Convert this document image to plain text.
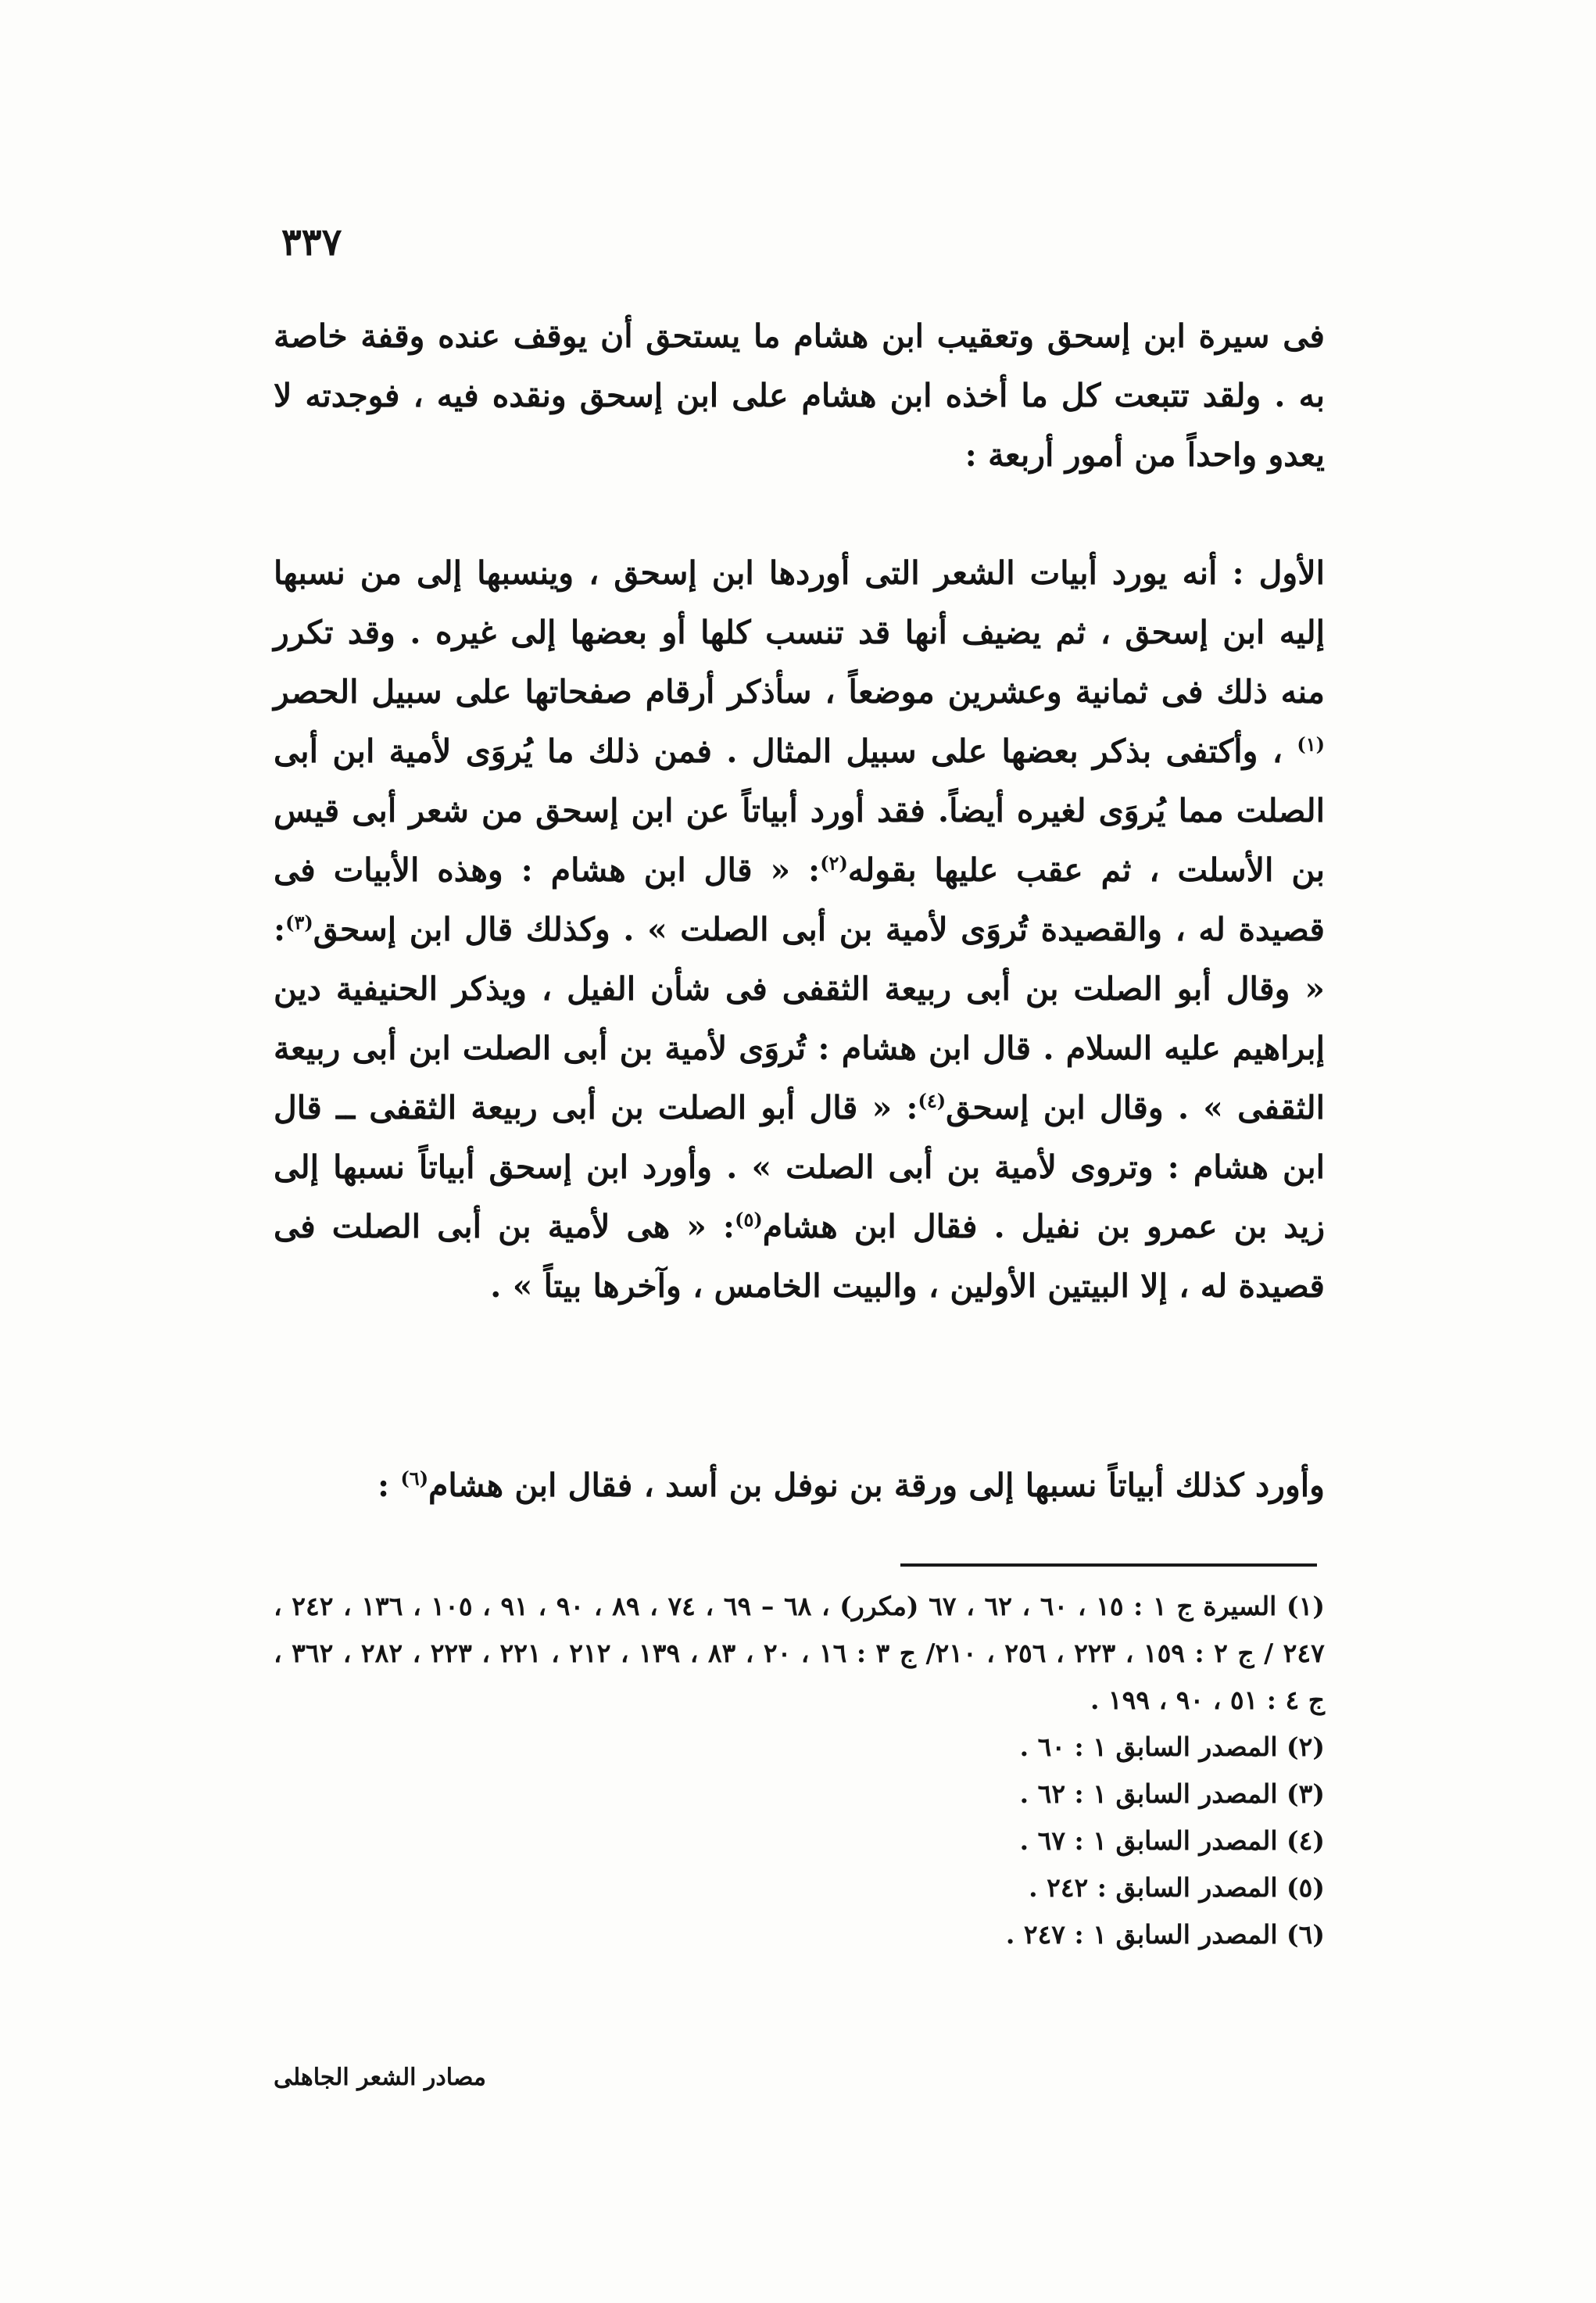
٣٣٧

فى سيرة ابن إسحق وتعقيب ابن هشام ما يستحق أن يوقف عنده وقفة خاصة به . ولقد تتبعت كل ما أخذه ابن هشام على ابن إسحق ونقده فيه ، فوجدته لا يعدو واحداً من أمور أربعة :

الأول : أنه يورد أبيات الشعر التى أوردها ابن إسحق ، وينسبها إلى من نسبها إليه ابن إسحق ، ثم يضيف أنها قد تنسب كلها أو بعضها إلى غيره . وقد تكرر منه ذلك فى ثمانية وعشرين موضعاً ، سأذكر أرقام صفحاتها على سبيل الحصر $^{(١)}$ ، وأكتفى بذكر بعضها على سبيل المثال . فمن ذلك ما يُروَى لأمية ابن أبى الصلت مما يُروَى لغيره أيضاً. فقد أورد أبياتاً عن ابن إسحق من شعر أبى قيس بن الأسلت ، ثم عقب عليها بقوله$^{(٢)}$: « قال ابن هشام : وهذه الأبيات فى قصيدة له ، والقصيدة تُروَى لأمية بن أبى الصلت » . وكذلك قال ابن إسحق$^{(٣)}$: « وقال أبو الصلت بن أبى ربيعة الثقفى فى شأن الفيل ، ويذكر الحنيفية دين إبراهيم عليه السلام . قال ابن هشام : تُروَى لأمية بن أبى الصلت ابن أبى ربيعة الثقفى » . وقال ابن إسحق$^{(٤)}$: « قال أبو الصلت بن أبى ربيعة الثقفى ــ قال ابن هشام : وتروى لأمية بن أبى الصلت » . وأورد ابن إسحق أبياتاً نسبها إلى زيد بن عمرو بن نفيل . فقال ابن هشام$^{(٥)}$: « هى لأمية بن أبى الصلت فى قصيدة له ، إلا البيتين الأولين ، والبيت الخامس ، وآخرها بيتاً » .

وأورد كذلك أبياتاً نسبها إلى ورقة بن نوفل بن أسد ، فقال ابن هشام$^{(٦)}$ :

(١) السيرة ج ١ : ١٥ ، ٦٠ ، ٦٢ ، ٦٧ (مكرر) ، ٦٨ – ٦٩ ، ٧٤ ، ٨٩ ، ٩٠ ، ٩١ ، ١٠٥ ، ١٣٦ ، ٢٤٢ ، ٢٤٧ / ج ٢ : ١٥٩ ، ٢٢٣ ، ٢٥٦ ، ٢١٠/ ج ٣ : ١٦ ، ٢٠ ، ٨٣ ، ١٣٩ ، ٢١٢ ، ٢٢١ ، ٢٢٣ ، ٢٨٢ ، ٣٦٢ ، ج ٤ : ٥١ ، ٩٠ ، ١٩٩ .

(٢) المصدر السابق ١ : ٦٠ .
(٣) المصدر السابق ١ : ٦٢ .
(٤) المصدر السابق ١ : ٦٧ .
(٥) المصدر السابق : ٢٤٢ .
(٦) المصدر السابق ١ : ٢٤٧ .
مصادر الشعر الجاهلى
